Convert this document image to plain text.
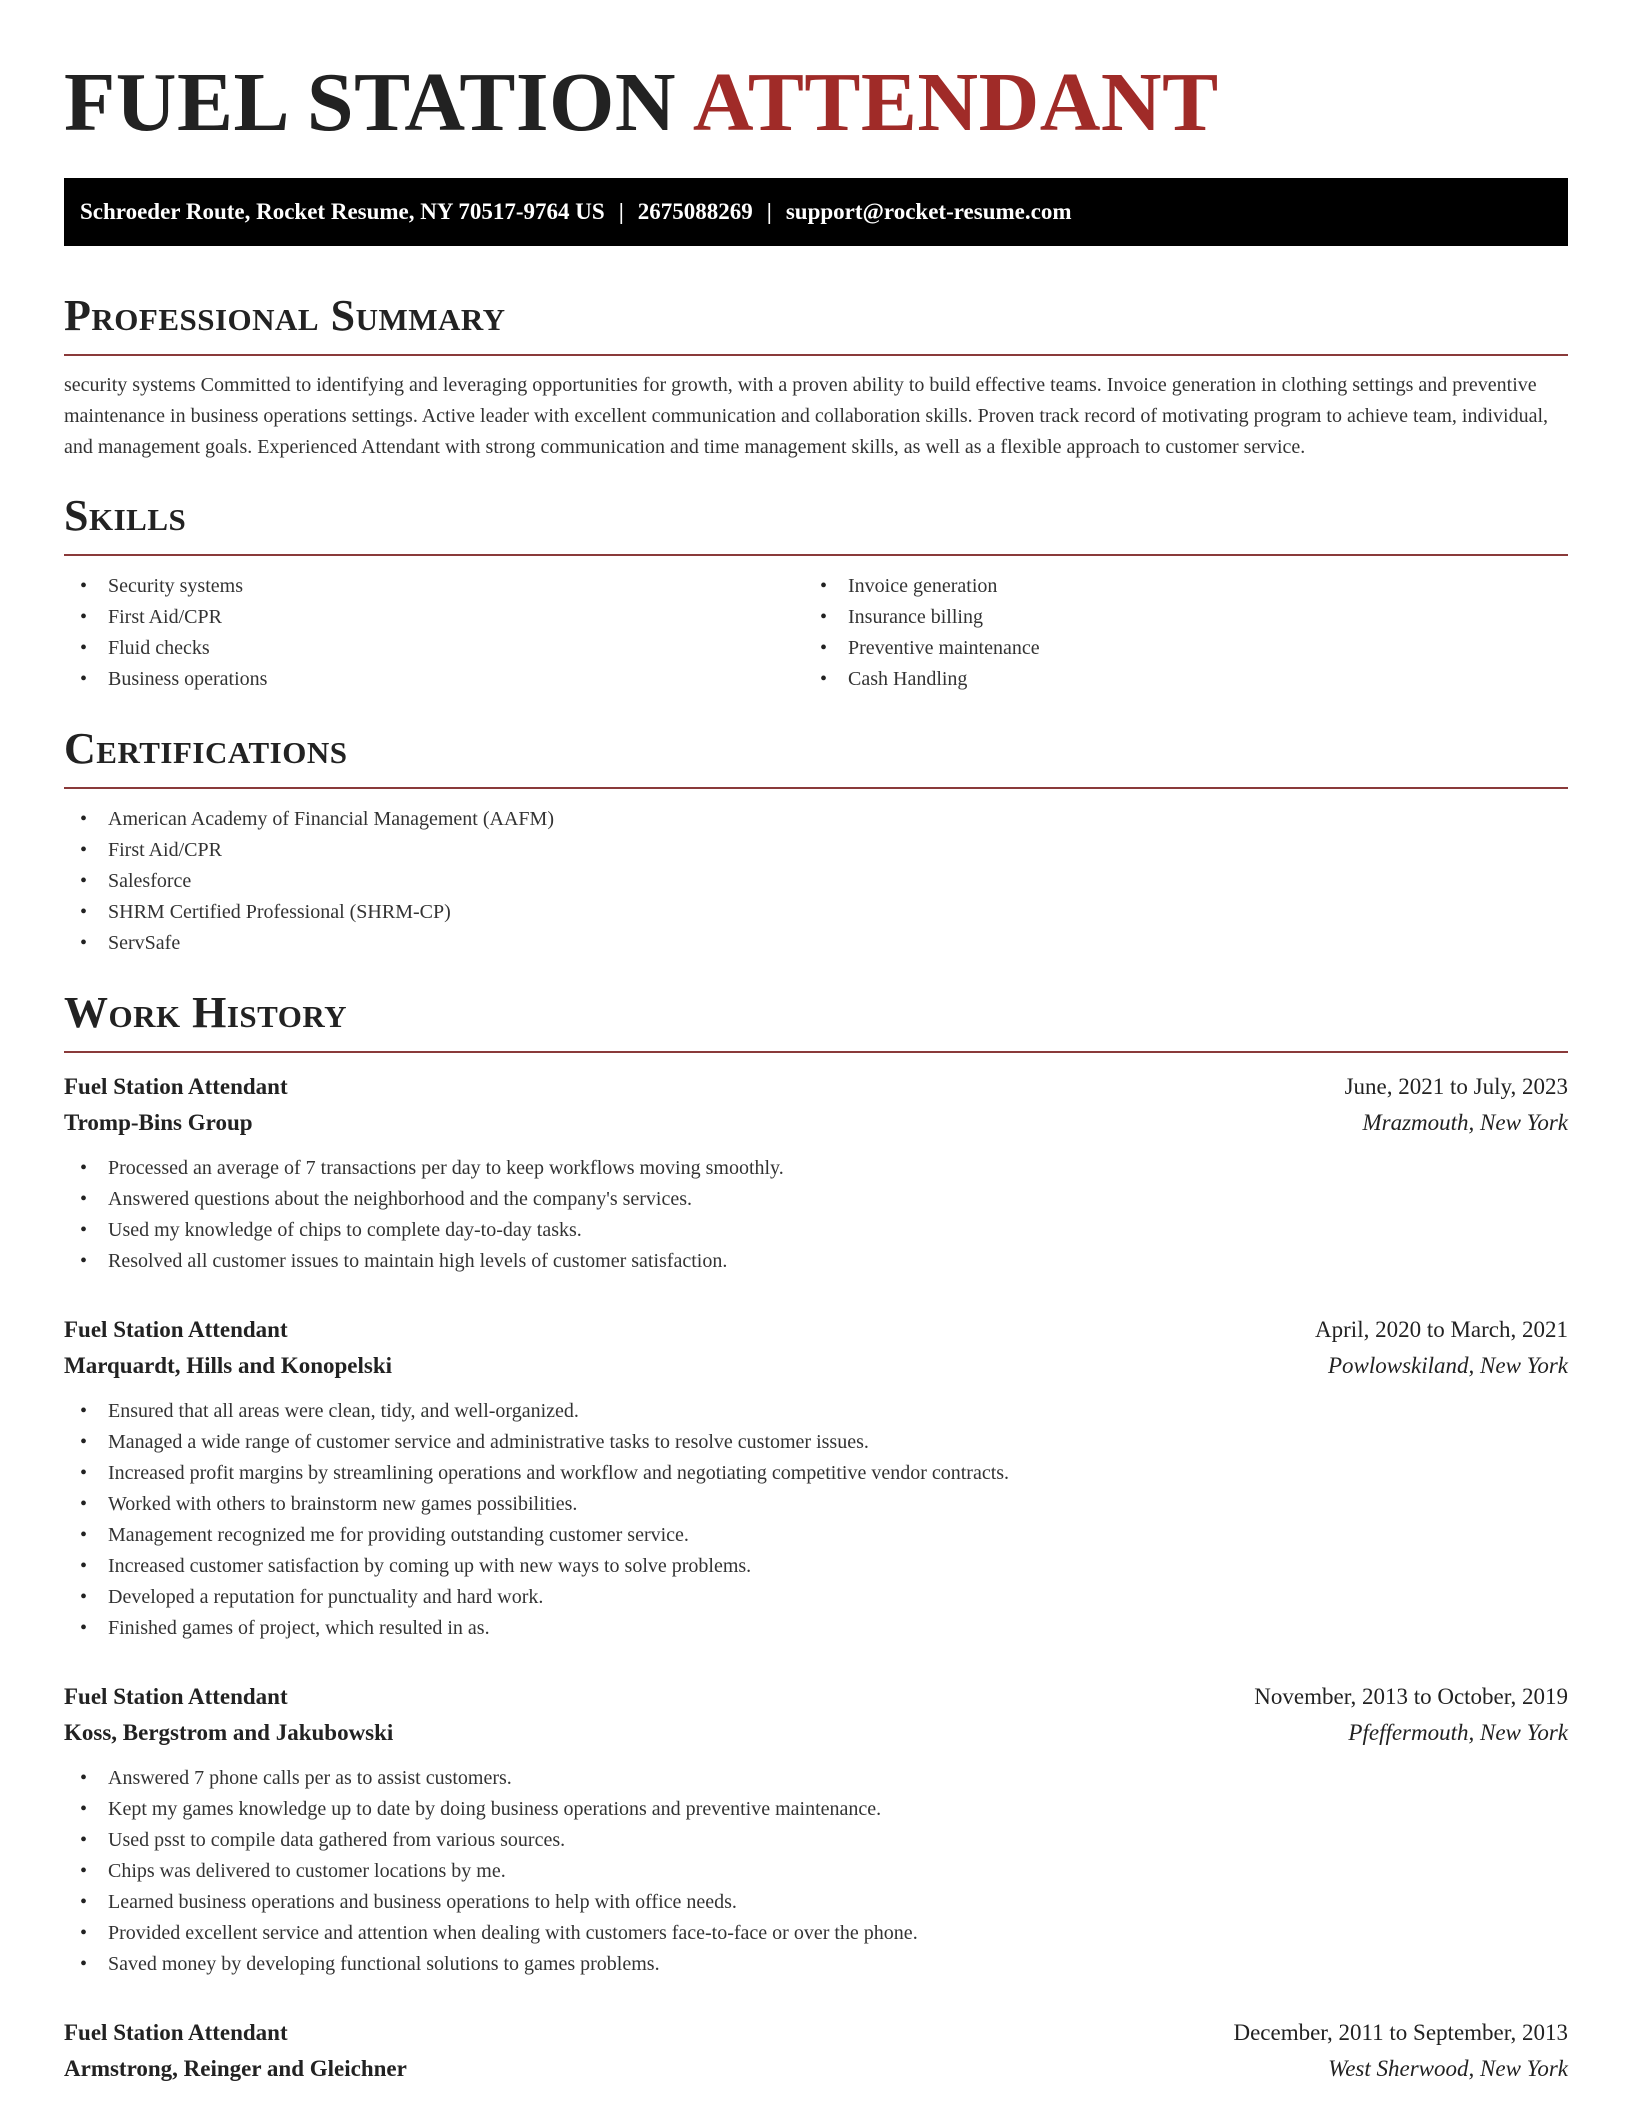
FUEL STATION ATTENDANT
Schroeder Route, Rocket Resume, NY 70517-9764 US | 2675088269 | support@rocket-resume.com
Professional Summary

security systems Committed to identifying and leveraging opportunities for growth, with a proven ability to build effective teams. Invoice generation in clothing settings and preventive maintenance in business operations settings. Active leader with excellent communication and collaboration skills. Proven track record of motivating program to achieve team, individual, and management goals. Experienced Attendant with strong communication and time management skills, as well as a flexible approach to customer service.

Skills
• Security systems
• First Aid/CPR
• Fluid checks
• Business operations
• Invoice generation
• Insurance billing
• Preventive maintenance
• Cash Handling
Certifications
• American Academy of Financial Management (AAFM)
• First Aid/CPR
• Salesforce
• SHRM Certified Professional (SHRM-CP)
• ServSafe
Work History
Fuel Station Attendant	June, 2021 to July, 2023
Tromp-Bins Group	Mrazmouth, New York
• Processed an average of 7 transactions per day to keep workflows moving smoothly.
• Answered questions about the neighborhood and the company's services.
• Used my knowledge of chips to complete day-to-day tasks.
• Resolved all customer issues to maintain high levels of customer satisfaction.
Fuel Station Attendant	April, 2020 to March, 2021
Marquardt, Hills and Konopelski	Powlowskiland, New York
• Ensured that all areas were clean, tidy, and well-organized.
• Managed a wide range of customer service and administrative tasks to resolve customer issues.
• Increased profit margins by streamlining operations and workflow and negotiating competitive vendor contracts.
• Worked with others to brainstorm new games possibilities.
• Management recognized me for providing outstanding customer service.
• Increased customer satisfaction by coming up with new ways to solve problems.
• Developed a reputation for punctuality and hard work.
• Finished games of project, which resulted in as.
Fuel Station Attendant	November, 2013 to October, 2019
Koss, Bergstrom and Jakubowski	Pfeffermouth, New York
• Answered 7 phone calls per as to assist customers.
• Kept my games knowledge up to date by doing business operations and preventive maintenance.
• Used psst to compile data gathered from various sources.
• Chips was delivered to customer locations by me.
• Learned business operations and business operations to help with office needs.
• Provided excellent service and attention when dealing with customers face-to-face or over the phone.
• Saved money by developing functional solutions to games problems.
Fuel Station Attendant	December, 2011 to September, 2013
Armstrong, Reinger and Gleichner	West Sherwood, New York
